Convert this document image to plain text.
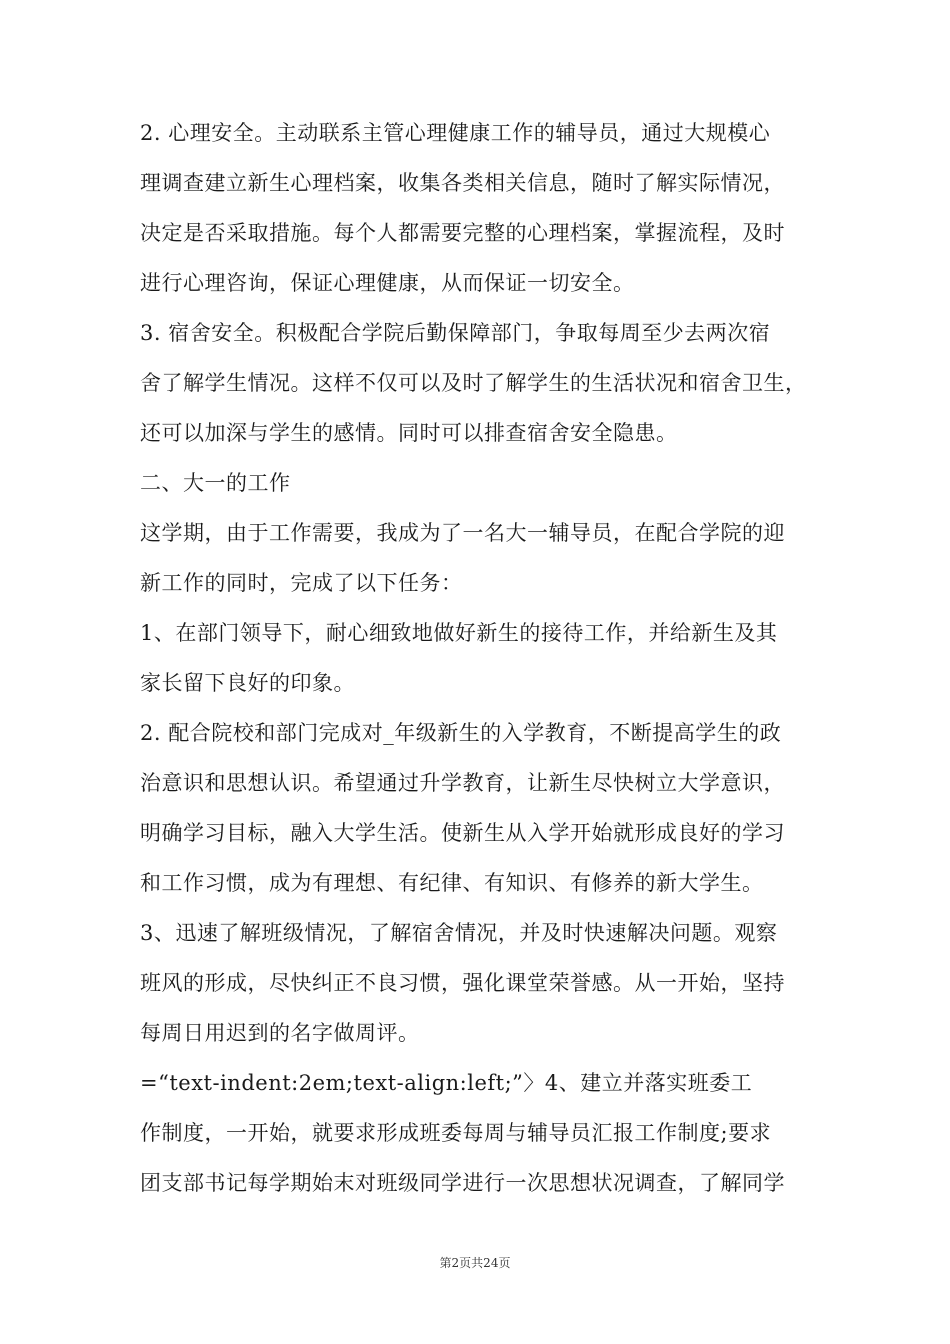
2. 心理安全。主动联系主管心理健康工作的辅导员，通过大规模心
理调查建立新生心理档案，收集各类相关信息，随时了解实际情况，
决定是否采取措施。每个人都需要完整的心理档案，掌握流程，及时
进行心理咨询，保证心理健康，从而保证一切安全。
3. 宿舍安全。积极配合学院后勤保障部门，争取每周至少去两次宿
舍了解学生情况。这样不仅可以及时了解学生的生活状况和宿舍卫生，
还可以加深与学生的感情。同时可以排查宿舍安全隐患。
二、大一的工作
这学期，由于工作需要，我成为了一名大一辅导员，在配合学院的迎
新工作的同时，完成了以下任务：
1、在部门领导下，耐心细致地做好新生的接待工作，并给新生及其
家长留下良好的印象。
2. 配合院校和部门完成对_年级新生的入学教育，不断提高学生的政
治意识和思想认识。希望通过升学教育，让新生尽快树立大学意识，
明确学习目标，融入大学生活。使新生从入学开始就形成良好的学习
和工作习惯，成为有理想、有纪律、有知识、有修养的新大学生。
3、迅速了解班级情况，了解宿舍情况，并及时快速解决问题。观察
班风的形成，尽快纠正不良习惯，强化课堂荣誉感。从一开始，坚持
每周日用迟到的名字做周评。
=“text-indent:2em;text-align:left;”〉4、建立并落实班委工
作制度，一开始，就要求形成班委每周与辅导员汇报工作制度;要求
团支部书记每学期始末对班级同学进行一次思想状况调查，了解同学
第2页共24页
